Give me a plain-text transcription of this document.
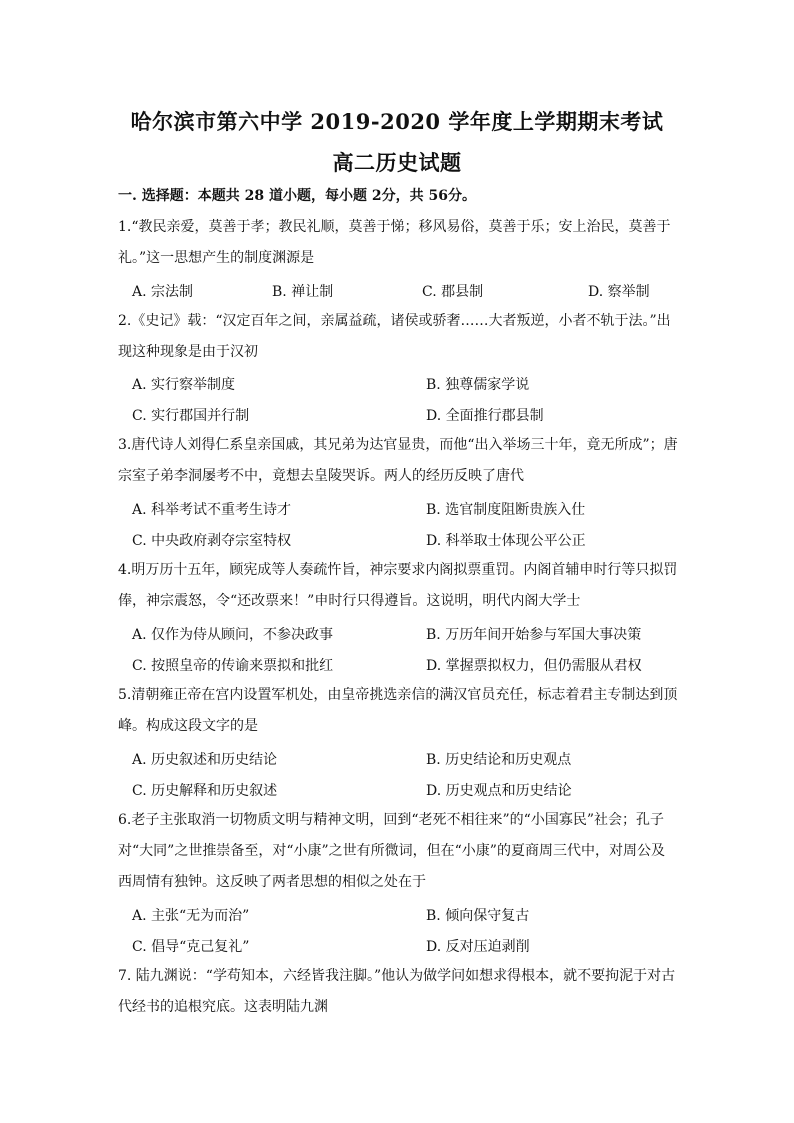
哈尔滨市第六中学 2019-2020 学年度上学期期末考试
高二历史试题
一. 选择题：本题共 28 道小题，每小题 2分，共 56分。
1.“教民亲爱，莫善于孝；教民礼顺，莫善于悌；移风易俗，莫善于乐；安上治民，莫善于礼。”这一思想产生的制度渊源是
A. 宗法制	B. 禅让制	C. 郡县制	D. 察举制
2.《史记》载：“汉定百年之间，亲属益疏，诸侯或骄奢……大者叛逆，小者不轨于法。”出现这种现象是由于汉初
A. 实行察举制度	B. 独尊儒家学说
C. 实行郡国并行制	D. 全面推行郡县制
3.唐代诗人刘得仁系皇亲国戚，其兄弟为达官显贵，而他“出入举场三十年，竟无所成”；唐宗室子弟李洞屡考不中，竟想去皇陵哭诉。两人的经历反映了唐代
A. 科举考试不重考生诗才	B. 选官制度阻断贵族入仕
C. 中央政府剥夺宗室特权	D. 科举取士体现公平公正
4.明万历十五年，顾宪成等人奏疏忤旨，神宗要求内阁拟票重罚。内阁首辅申时行等只拟罚俸，神宗震怒，令“还改票来！”申时行只得遵旨。这说明，明代内阁大学士
A. 仅作为侍从顾问，不参决政事	B. 万历年间开始参与军国大事决策
C. 按照皇帝的传谕来票拟和批红	D. 掌握票拟权力，但仍需服从君权
5.清朝雍正帝在宫内设置军机处，由皇帝挑选亲信的满汉官员充任，标志着君主专制达到顶峰。构成这段文字的是
A. 历史叙述和历史结论	B. 历史结论和历史观点
C. 历史解释和历史叙述	D. 历史观点和历史结论
6.老子主张取消一切物质文明与精神文明，回到“老死不相往来”的“小国寡民”社会；孔子对“大同”之世推崇备至，对“小康”之世有所微词，但在“小康”的夏商周三代中，对周公及西周情有独钟。这反映了两者思想的相似之处在于
A. 主张“无为而治”	B. 倾向保守复古
C. 倡导“克己复礼”	D. 反对压迫剥削
7. 陆九渊说：“学苟知本，六经皆我注脚。”他认为做学问如想求得根本，就不要拘泥于对古代经书的追根究底。这表明陆九渊
